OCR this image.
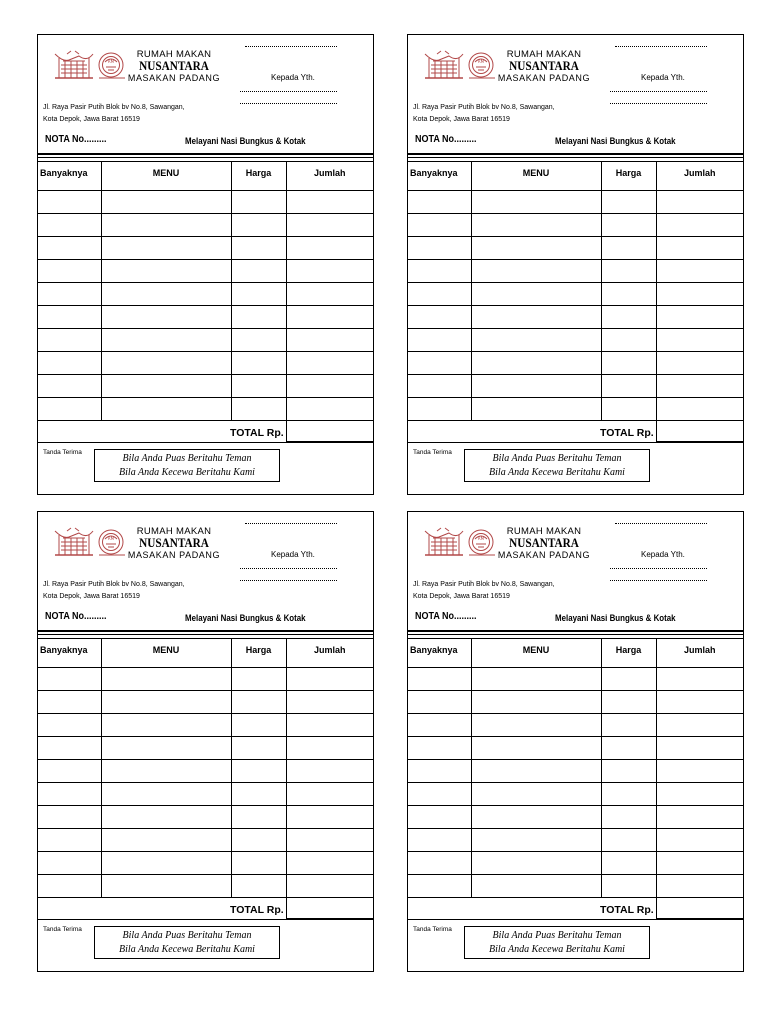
RM
RUMAH MAKAN
NUSANTARA
MASAKAN PADANG	Kepada Yth.
Jl. Raya Pasir Putih Blok bv No.8, Sawangan,
Kota Depok, Jawa Barat 16519
NOTA No.........	Melayani Nasi Bungkus & Kotak
Banyaknya	MENU	Harga	Jumlah

TOTAL Rp.
Tanda Terima
Bila Anda Puas Beritahu Teman
Bila Anda Kecewa Beritahu Kami
RM
RUMAH MAKAN
NUSANTARA
MASAKAN PADANG	Kepada Yth.
Jl. Raya Pasir Putih Blok bv No.8, Sawangan,
Kota Depok, Jawa Barat 16519
NOTA No.........	Melayani Nasi Bungkus & Kotak
Banyaknya	MENU	Harga	Jumlah

TOTAL Rp.
Tanda Terima
Bila Anda Puas Beritahu Teman
Bila Anda Kecewa Beritahu Kami
RM
RUMAH MAKAN
NUSANTARA
MASAKAN PADANG	Kepada Yth.
Jl. Raya Pasir Putih Blok bv No.8, Sawangan,
Kota Depok, Jawa Barat 16519
NOTA No.........	Melayani Nasi Bungkus & Kotak
Banyaknya	MENU	Harga	Jumlah

TOTAL Rp.
Tanda Terima
Bila Anda Puas Beritahu Teman
Bila Anda Kecewa Beritahu Kami
RM
RUMAH MAKAN
NUSANTARA
MASAKAN PADANG	Kepada Yth.
Jl. Raya Pasir Putih Blok bv No.8, Sawangan,
Kota Depok, Jawa Barat 16519
NOTA No.........	Melayani Nasi Bungkus & Kotak
Banyaknya	MENU	Harga	Jumlah

TOTAL Rp.
Tanda Terima
Bila Anda Puas Beritahu Teman
Bila Anda Kecewa Beritahu Kami
